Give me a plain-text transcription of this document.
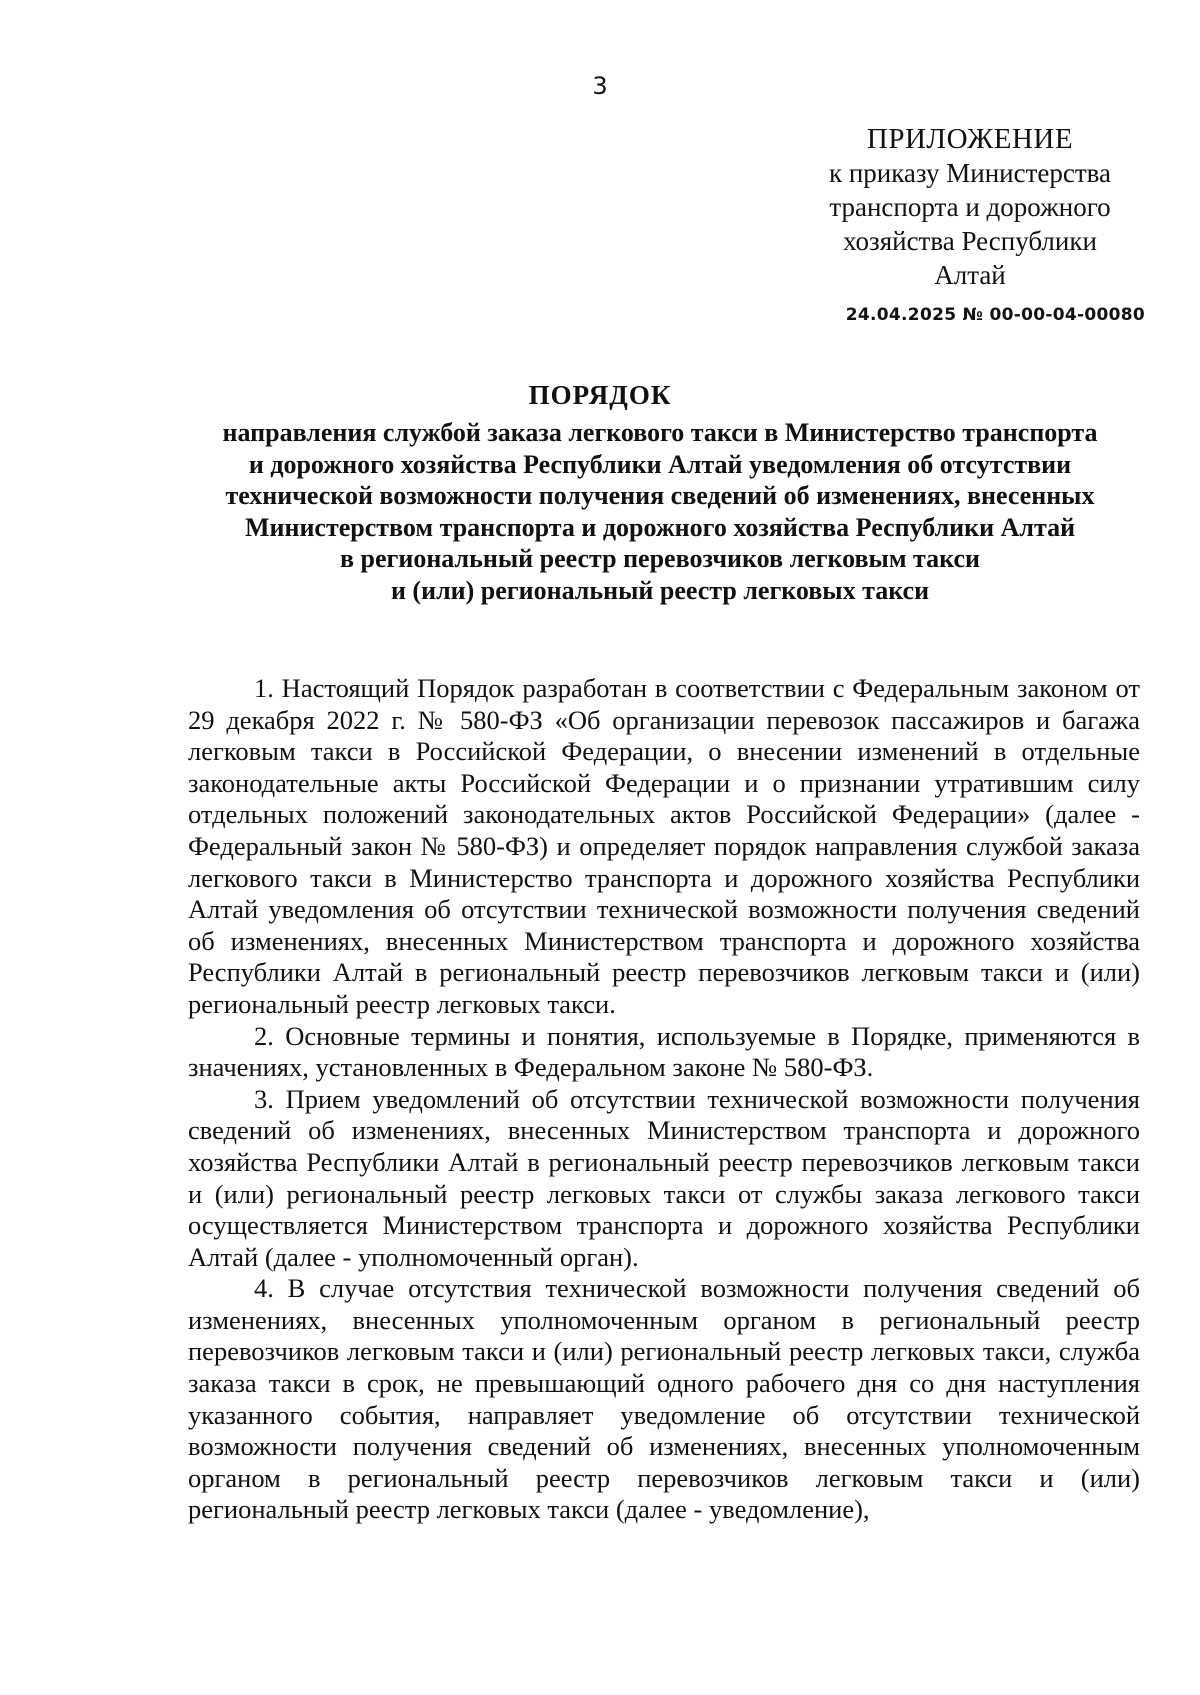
3
ПРИЛОЖЕНИЕ
к приказу Министерства
транспорта и дорожного
хозяйства Республики
Алтай
24.04.2025 № 00-00-04-00080
ПОРЯДОК
направления службой заказа легкового такси в Министерство транспорта
и дорожного хозяйства Республики Алтай уведомления об отсутствии
технической возможности получения сведений об изменениях, внесенных
Министерством транспорта и дорожного хозяйства Республики Алтай
в региональный реестр перевозчиков легковым такси
и (или) региональный реестр легковых такси

1. Настоящий Порядок разработан в соответствии с Федеральным законом от 29 декабря 2022 г. № 580-ФЗ «Об организации перевозок пассажиров и багажа легковым такси в Российской Федерации, о внесении изменений в отдельные законодательные акты Российской Федерации и о признании утратившим силу отдельных положений законодательных актов Российской Федерации» (далее - Федеральный закон № 580-ФЗ) и определяет порядок направления службой заказа легкового такси в Министерство транспорта и дорожного хозяйства Республики Алтай уведомления об отсутствии технической возможности получения сведений об изменениях, внесенных Министерством транспорта и дорожного хозяйства Республики Алтай в региональный реестр перевозчиков легковым такси и (или) региональный реестр легковых такси.

2. Основные термины и понятия, используемые в Порядке, применяются в значениях, установленных в Федеральном законе № 580-ФЗ.

3. Прием уведомлений об отсутствии технической возможности получения сведений об изменениях, внесенных Министерством транспорта и дорожного хозяйства Республики Алтай в региональный реестр перевозчиков легковым такси и (или) региональный реестр легковых такси от службы заказа легкового такси осуществляется Министерством транспорта и дорожного хозяйства Республики Алтай (далее - уполномоченный орган).

4. В случае отсутствия технической возможности получения сведений об изменениях, внесенных уполномоченным органом в региональный реестр перевозчиков легковым такси и (или) региональный реестр легковых такси, служба заказа такси в срок, не превышающий одного рабочего дня со дня наступления указанного события, направляет уведомление об отсутствии технической возможности получения сведений об изменениях, внесенных уполномоченным органом в региональный реестр перевозчиков легковым такси и (или) региональный реестр легковых такси (далее - уведомление),
